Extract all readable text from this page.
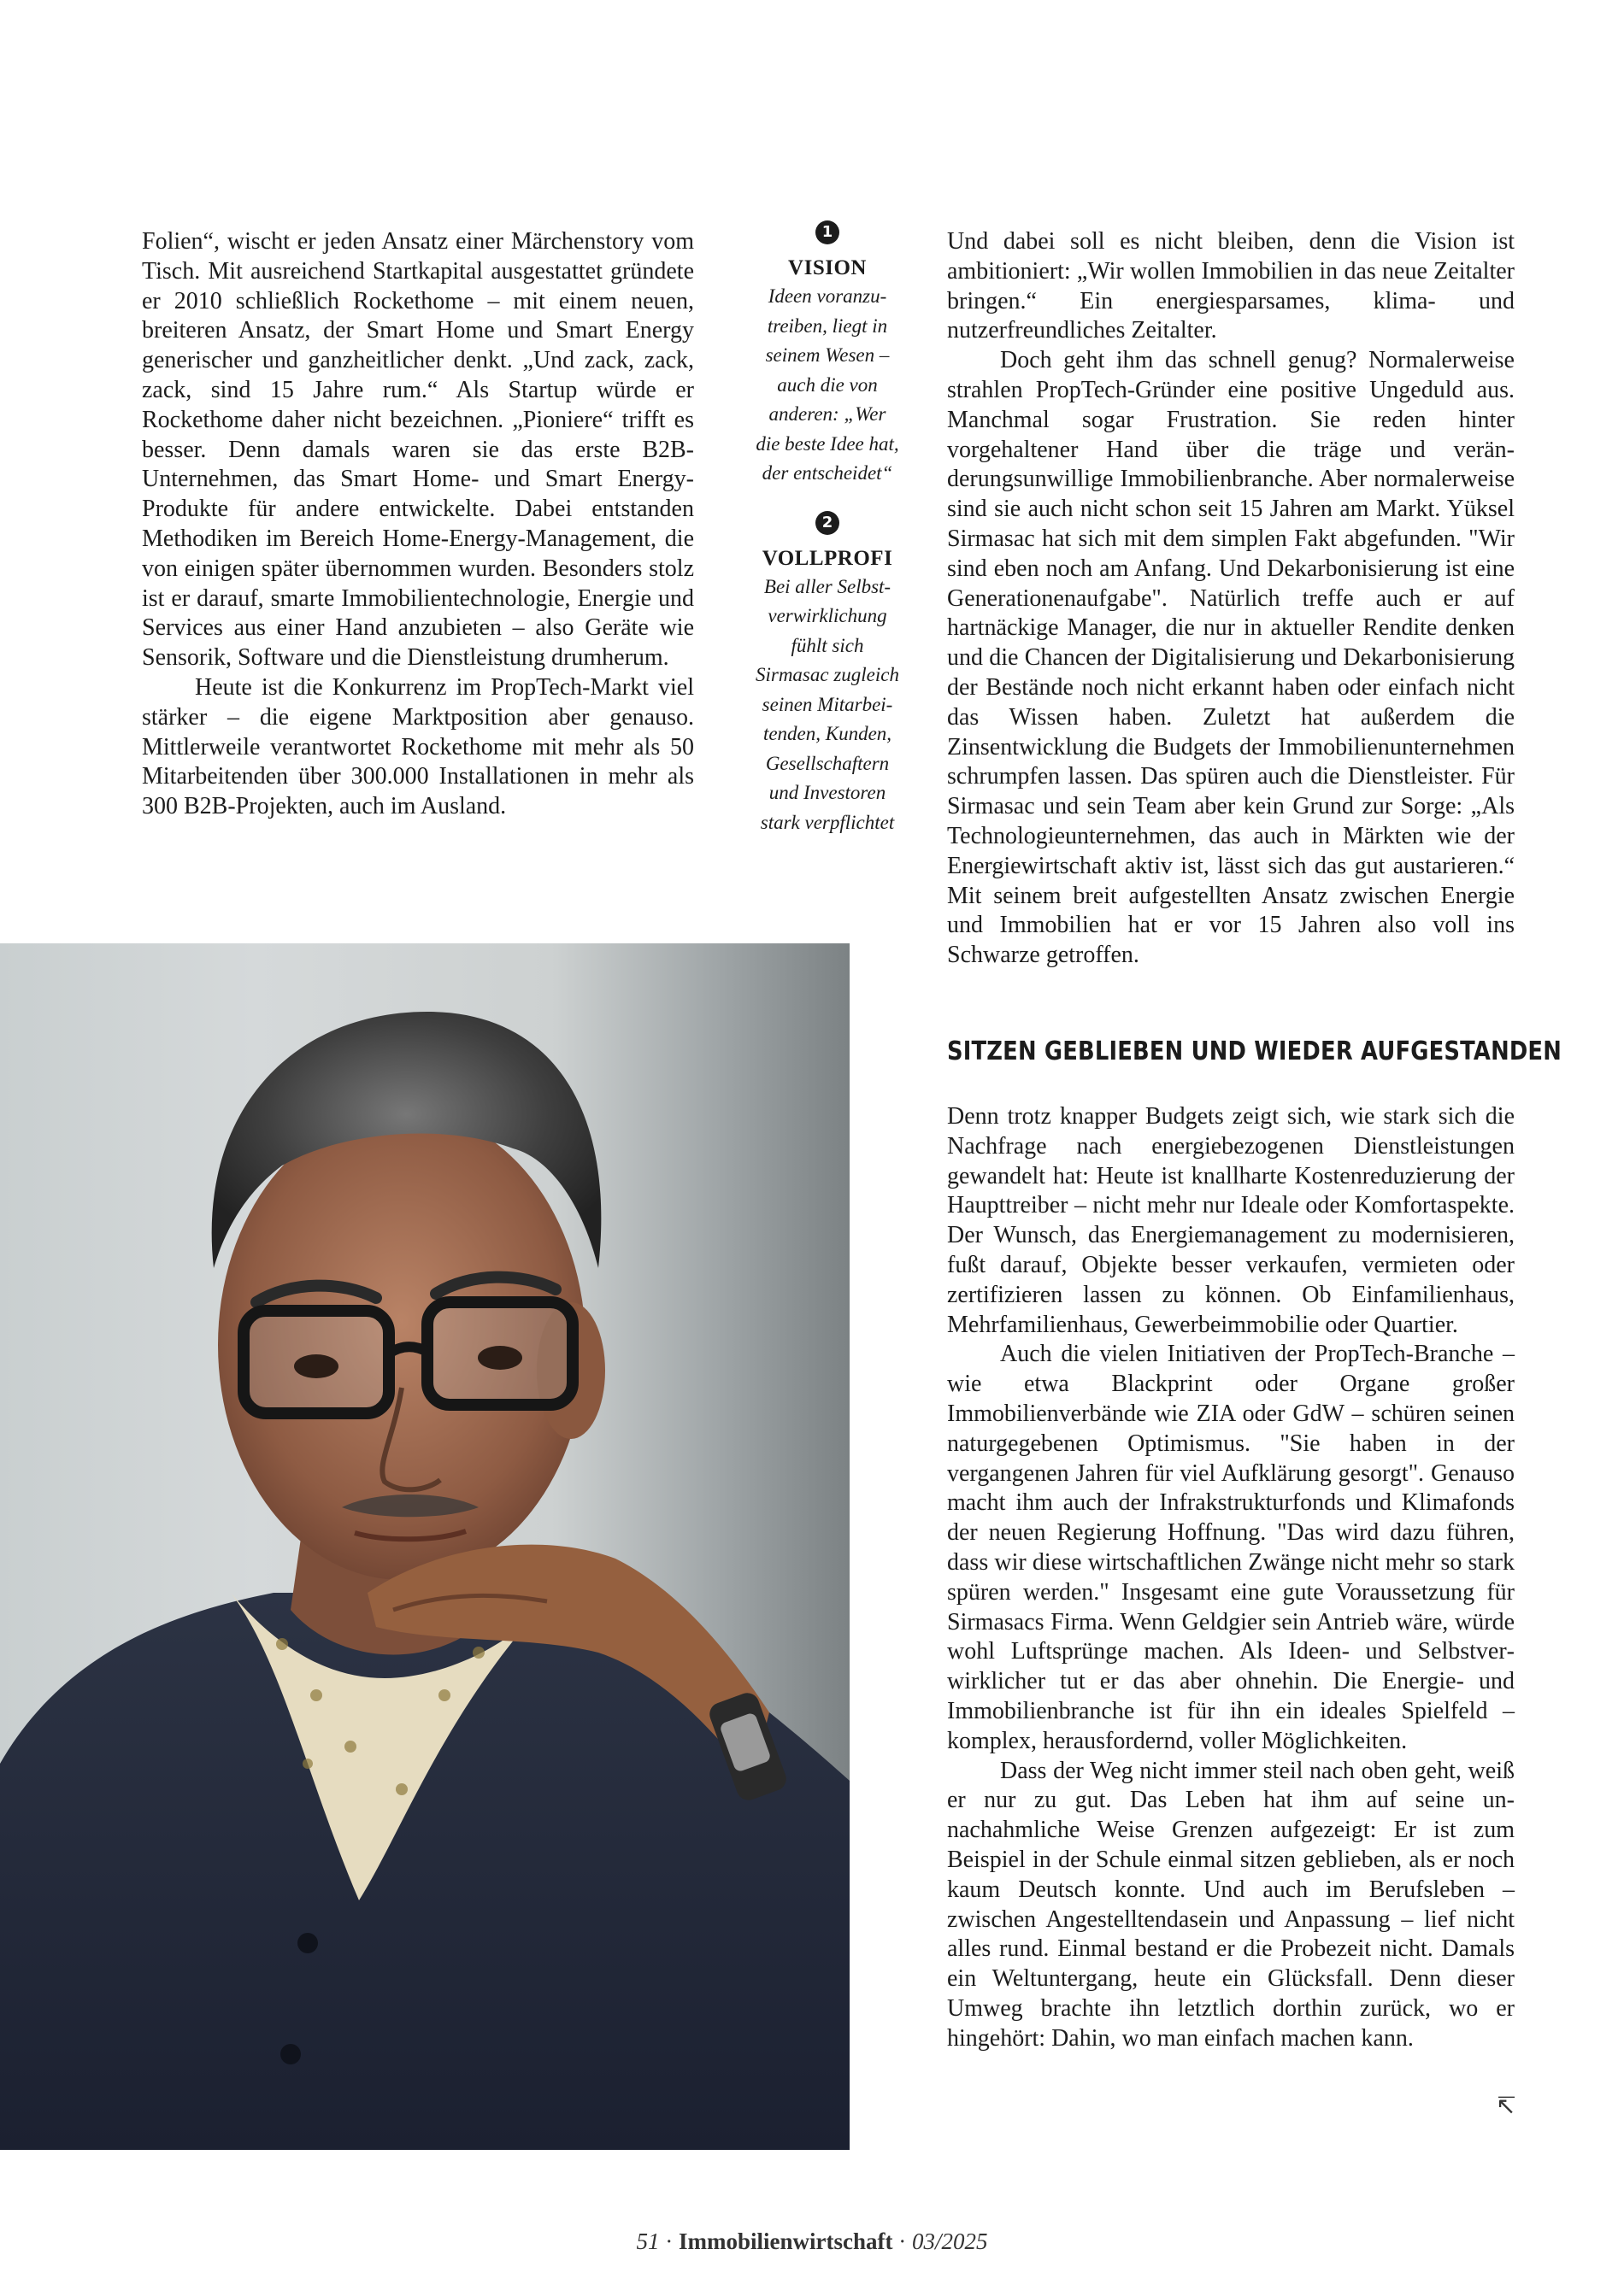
Folien“, wischt er jeden Ansatz einer Märchenstory vom Tisch. Mit ausreichend Startkapital ausgestattet gründete er 2010 schließlich Rockethome – mit einem neuen, breiteren Ansatz, der Smart Home und Smart Energy generischer und ganzheitlicher denkt. „Und zack, zack, zack, sind 15 Jahre rum.“ Als Startup würde er Rockethome daher nicht bezeichnen. „Pioniere“ trifft es besser. Denn damals waren sie das erste B2B-Unternehmen, das Smart Home- und Smart Energy-Produkte für andere entwickelte. Dabei entstanden Methodiken im Bereich Home-Energy-Management, die von einigen später übernommen wurden. Besonders stolz ist er darauf, smarte Immobilientechnologie, Energie und Services aus einer Hand anzubieten – also Geräte wie Sensorik, Software und die Dienstleistung drumherum.

Heute ist die Konkurrenz im PropTech-Markt viel stärker – die eigene Marktposition aber genauso. Mittlerweile verantwortet Rockethome mit mehr als 50 Mitarbeitenden über 300.000 Installationen in mehr als 300 B2B-Projekten, auch im Ausland.

1
VISION
Ideen voranzu-
treiben, liegt in
seinem Wesen –
auch die von
anderen: „Wer
die beste Idee hat,
der entscheidet“
2
VOLLPROFI
Bei aller Selbst-
verwirklichung
fühlt sich
Sirmasac zugleich
seinen Mitarbei-
tenden, Kunden,
Gesellschaftern
und Investoren
stark verpflichtet

Und dabei soll es nicht bleiben, denn die Vision ist ambitioniert: „Wir wollen Immobilien in das neue Zeitalter bringen.“ Ein energiesparsames, klima- und nutzerfreundliches Zeitalter.

Doch geht ihm das schnell genug? Normalerweise strahlen PropTech-Gründer eine positive Ungeduld aus. Manchmal sogar Frustration. Sie reden hinter vorgehaltener Hand über die träge und veränderungsunwillige Immobilienbranche. Aber normalerweise sind sie auch nicht schon seit 15 Jahren am Markt. Yüksel Sirmasac hat sich mit dem simplen Fakt abgefunden. "Wir sind eben noch am Anfang. Und Dekarbonisierung ist eine Generationenaufgabe". Natürlich treffe auch er auf hartnäckige Manager, die nur in aktueller Rendite denken und die Chancen der Digitalisierung und Dekarbonisierung der Bestände noch nicht erkannt haben oder einfach nicht das Wissen haben. Zuletzt hat außerdem die Zinsentwicklung die Budgets der Immobilienunternehmen schrumpfen lassen. Das spüren auch die Dienstleister. Für Sirmasac und sein Team aber kein Grund zur Sorge: „Als Technologieunternehmen, das auch in Märkten wie der Energiewirtschaft aktiv ist, lässt sich das gut austarieren.“ Mit seinem breit aufgestellten Ansatz zwischen Energie und Immobilien hat er vor 15 Jahren also voll ins Schwarze getroffen.

SITZEN GEBLIEBEN UND WIEDER AUFGESTANDEN

Denn trotz knapper Budgets zeigt sich, wie stark sich die Nachfrage nach energiebezogenen Dienstleistungen gewandelt hat: Heute ist knallharte Kostenreduzierung der Haupttreiber – nicht mehr nur Ideale oder Komfortaspekte. Der Wunsch, das Energiemanagement zu modernisieren, fußt darauf, Objekte besser verkaufen, vermieten oder zertifizieren lassen zu können. Ob Einfamilienhaus, Mehrfamilienhaus, Gewerbeimmobilie oder Quartier.

Auch die vielen Initiativen der PropTech-Branche – wie etwa Blackprint oder Organe großer Immobilienverbände wie ZIA oder GdW – schüren seinen naturgegebenen Optimismus. "Sie haben in der vergangenen Jahren für viel Aufklärung gesorgt". Genauso macht ihm auch der Infrakstrukturfonds und Klimafonds der neuen Regierung Hoffnung. "Das wird dazu führen, dass wir diese wirtschaftlichen Zwänge nicht mehr so stark spüren werden." Insgesamt eine gute Voraussetzung für Sirmasacs Firma. Wenn Geldgier sein Antrieb wäre, würde wohl Luftsprünge machen. Als Ideen- und Selbstverwirklicher tut er das aber ohnehin. Die Energie- und Immobilienbranche ist für ihn ein ideales Spielfeld – komplex, herausfordernd, voller Möglichkeiten.

Dass der Weg nicht immer steil nach oben geht, weiß er nur zu gut. Das Leben hat ihm auf seine unnachahmliche Weise Grenzen aufgezeigt: Er ist zum Beispiel in der Schule einmal sitzen geblieben, als er noch kaum Deutsch konnte. Und auch im Berufsleben – zwischen Angestelltendasein und Anpassung – lief nicht alles rund. Einmal bestand er die Probezeit nicht. Damals ein Weltuntergang, heute ein Glücksfall. Denn dieser Umweg brachte ihn letztlich dorthin zurück, wo er hingehört: Dahin, wo man einfach machen kann.

↸
51 · Immobilienwirtschaft · 03/2025
